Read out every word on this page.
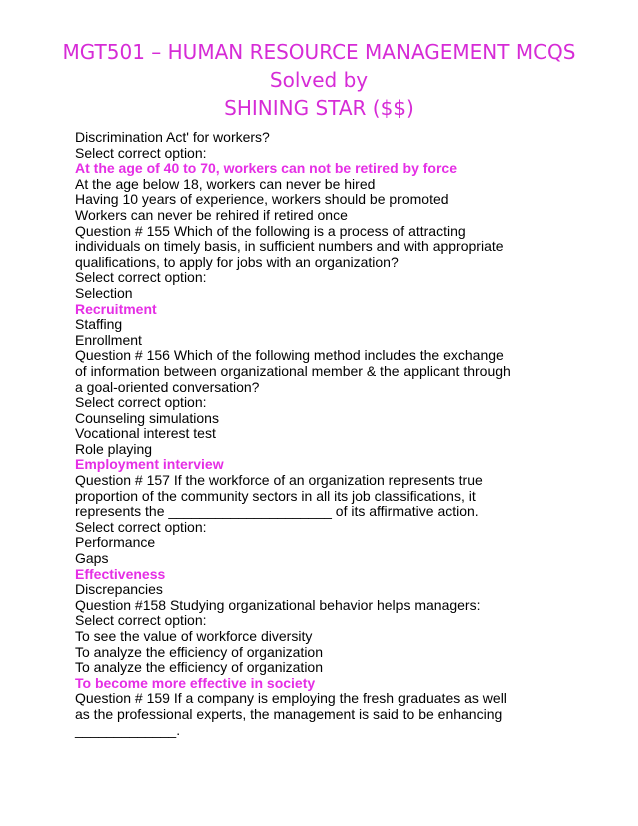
MGT501 – HUMAN RESOURCE MANAGEMENT MCQS
Solved by
SHINING STAR ($$)
Discrimination Act' for workers?
Select correct option:
At the age of 40 to 70, workers can not be retired by force
At the age below 18, workers can never be hired
Having 10 years of experience, workers should be promoted
Workers can never be rehired if retired once
Question # 155 Which of the following is a process of attracting
individuals on timely basis, in sufficient numbers and with appropriate
qualifications, to apply for jobs with an organization?
Select correct option:
Selection
Recruitment
Staffing
Enrollment
Question # 156 Which of the following method includes the exchange
of information between organizational member & the applicant through
a goal-oriented conversation?
Select correct option:
Counseling simulations
Vocational interest test
Role playing
Employment interview
Question # 157 If the workforce of an organization represents true
proportion of the community sectors in all its job classifications, it
represents the _____________________ of its affirmative action.
Select correct option:
Performance
Gaps
Effectiveness
Discrepancies
Question #158 Studying organizational behavior helps managers:
Select correct option:
To see the value of workforce diversity
To analyze the efficiency of organization
To analyze the efficiency of organization
To become more effective in society
Question # 159 If a company is employing the fresh graduates as well
as the professional experts, the management is said to be enhancing
_____________.
